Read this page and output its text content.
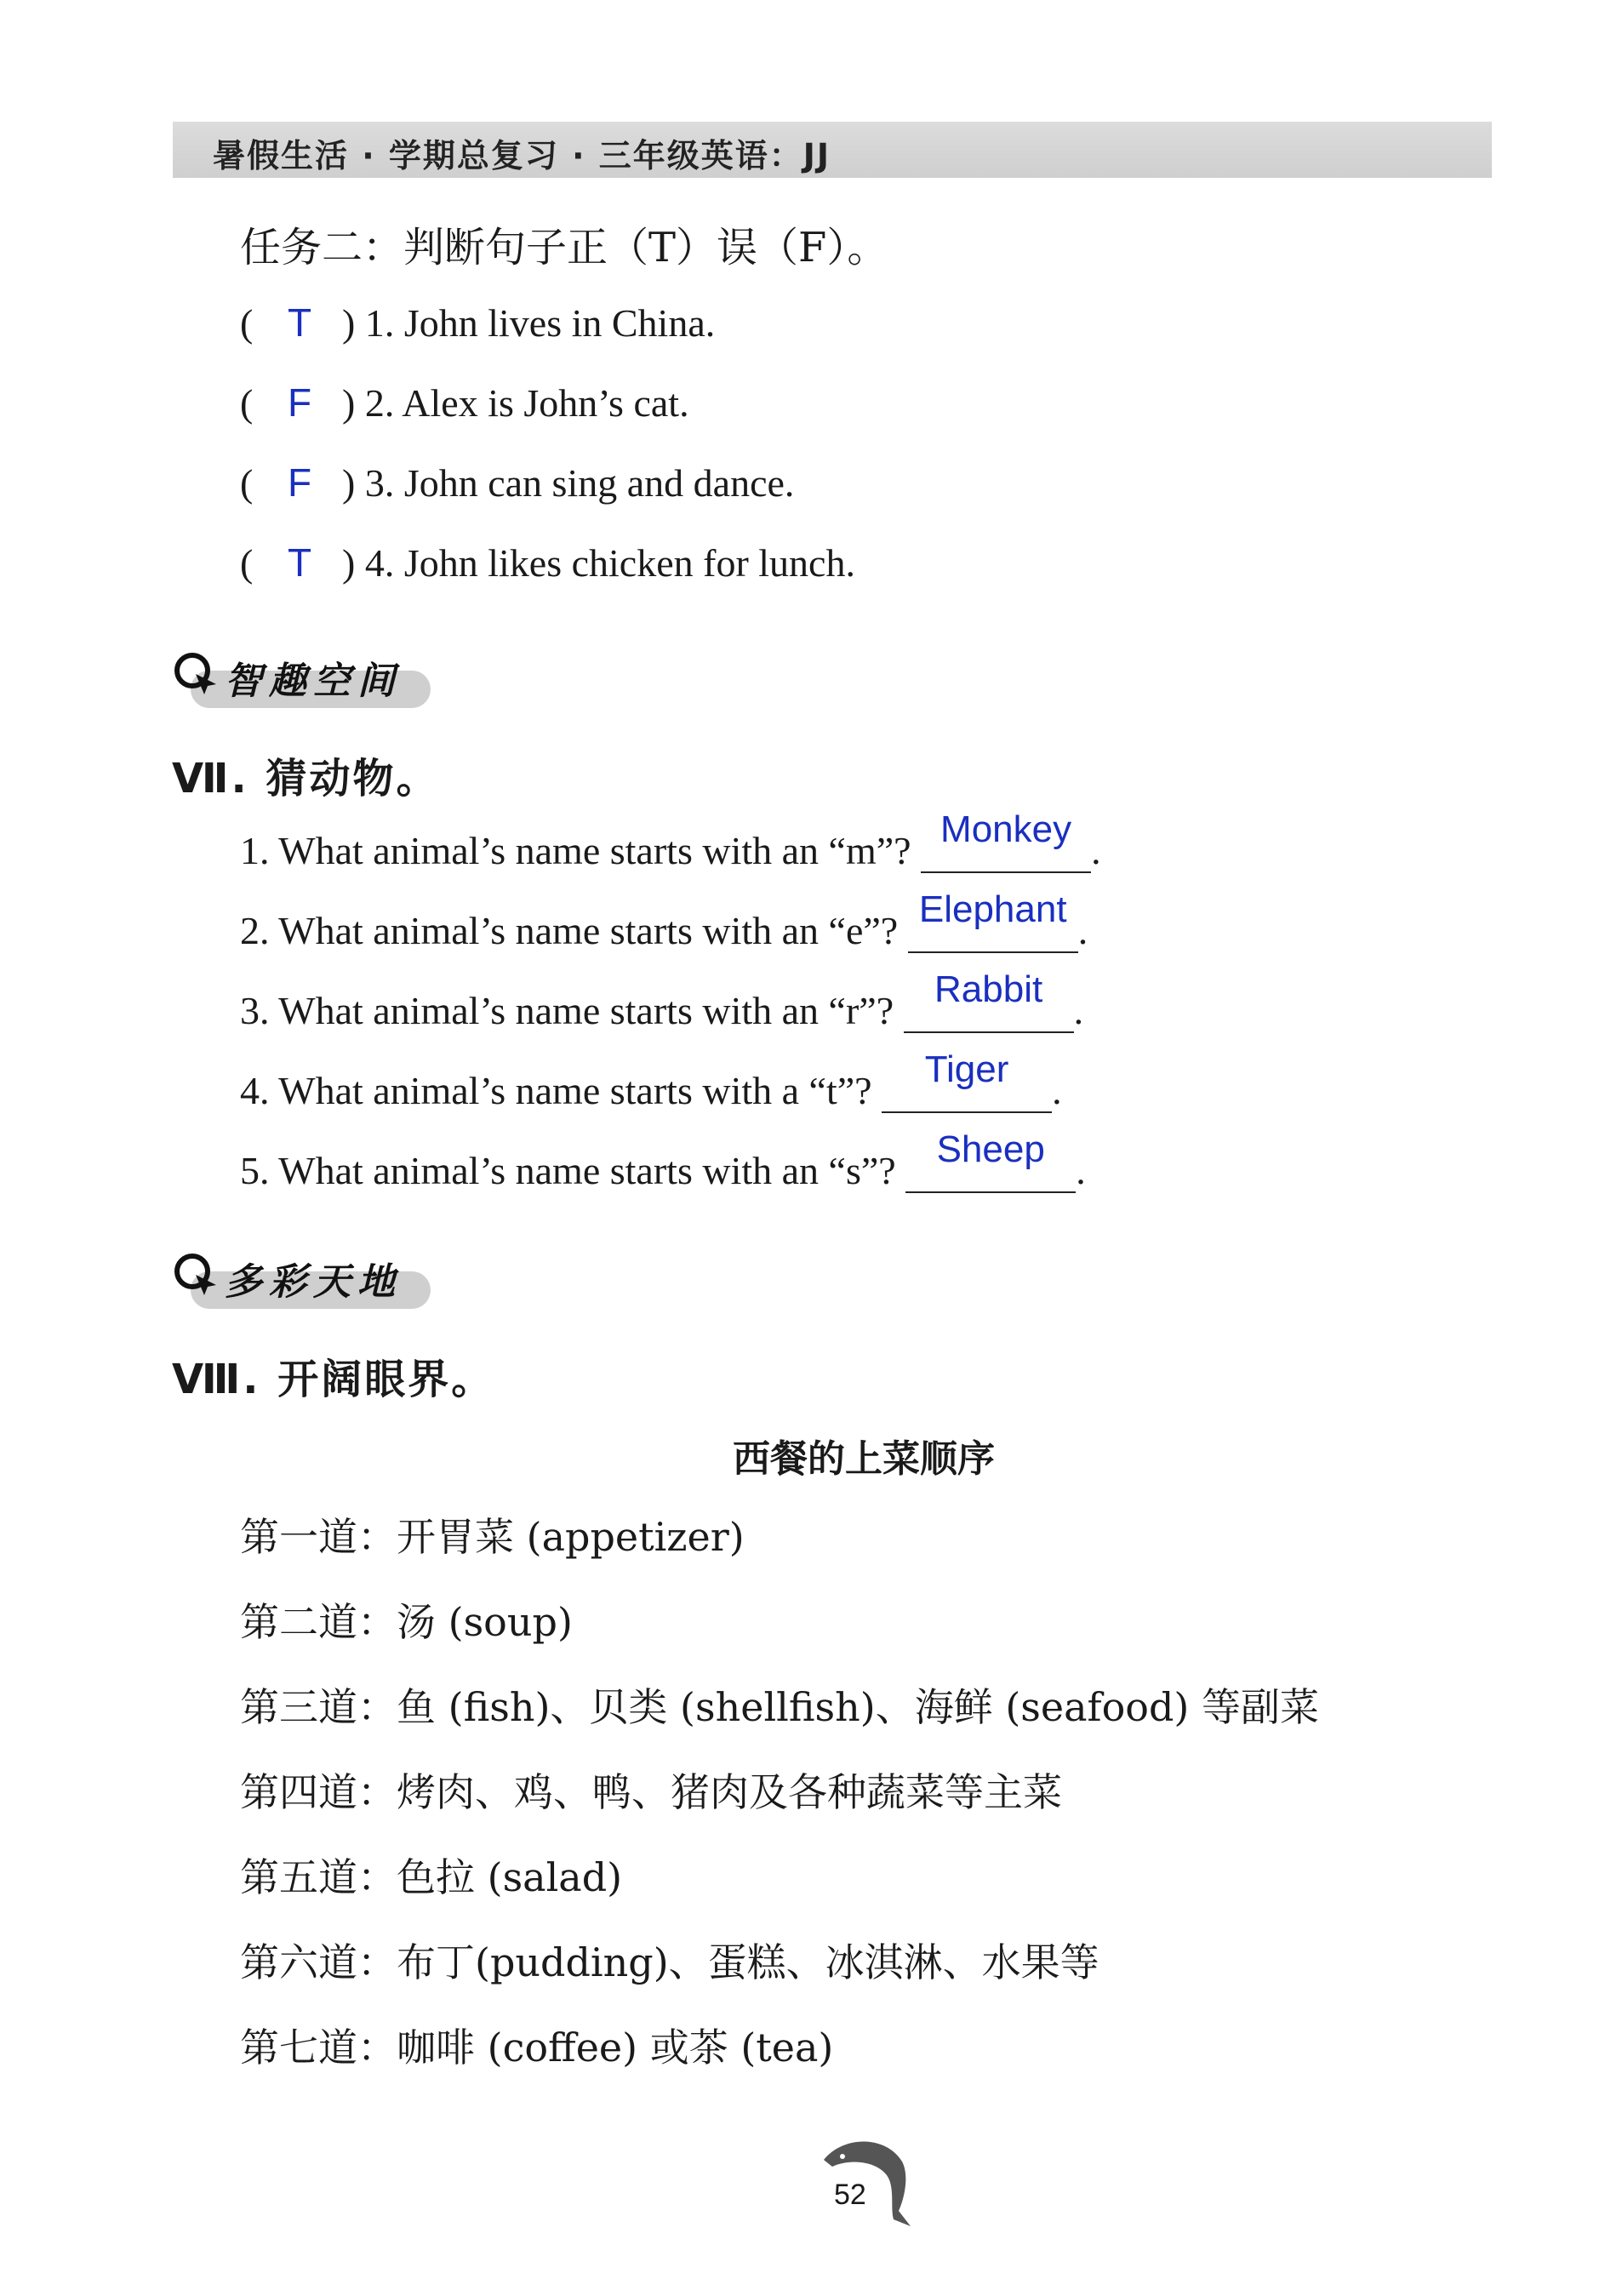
暑假生活 · 学期总复习 · 三年级英语：JJ
任务二：判断句子正（T）误（F）。
( T ) 1. John lives in China.
( F ) 2. Alex is John’s cat.
( F ) 3. John can sing and dance.
( T ) 4. John likes chicken for lunch.
智趣空间
Ⅶ. 猜动物。
1. What animal’s name starts with an “m”? Monkey .
2. What animal’s name starts with an “e”? Elephant .
3. What animal’s name starts with an “r”?	Rabbit .
4. What animal’s name starts with a “t”?	Tiger	.
5. What animal’s name starts with an “s”?	Sheep .
多彩天地
Ⅷ. 开阔眼界。
西餐的上菜顺序
第一道：开胃菜 (appetizer)
第二道：汤 (soup)
第三道：鱼 (fish)、贝类 (shellfish)、海鲜 (seafood) 等副菜
第四道：烤肉、鸡、鸭、猪肉及各种蔬菜等主菜
第五道：色拉 (salad)
第六道：布丁(pudding)、蛋糕、冰淇淋、水果等
第七道：咖啡 (coffee) 或茶 (tea)
52
